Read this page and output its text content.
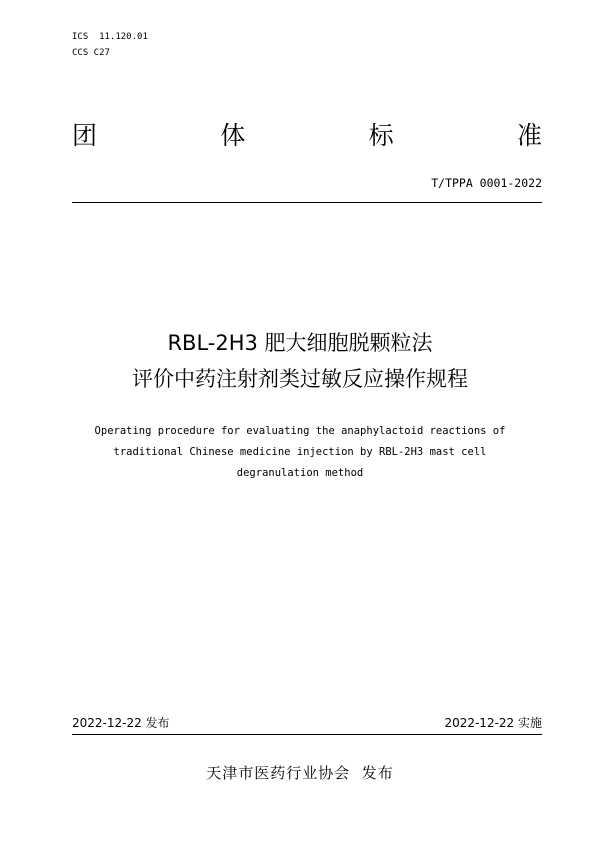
ICS  11.120.01
CCS C27
团	体	标	准
T/TPPA 0001-2022
RBL-2H3 肥大细胞脱颗粒法
评价中药注射剂类过敏反应操作规程
Operating procedure for evaluating the anaphylactoid reactions of
traditional Chinese medicine injection by RBL-2H3 mast cell
degranulation method
2022-12-22 发布	2022-12-22 实施
天津市医药行业协会  发布
